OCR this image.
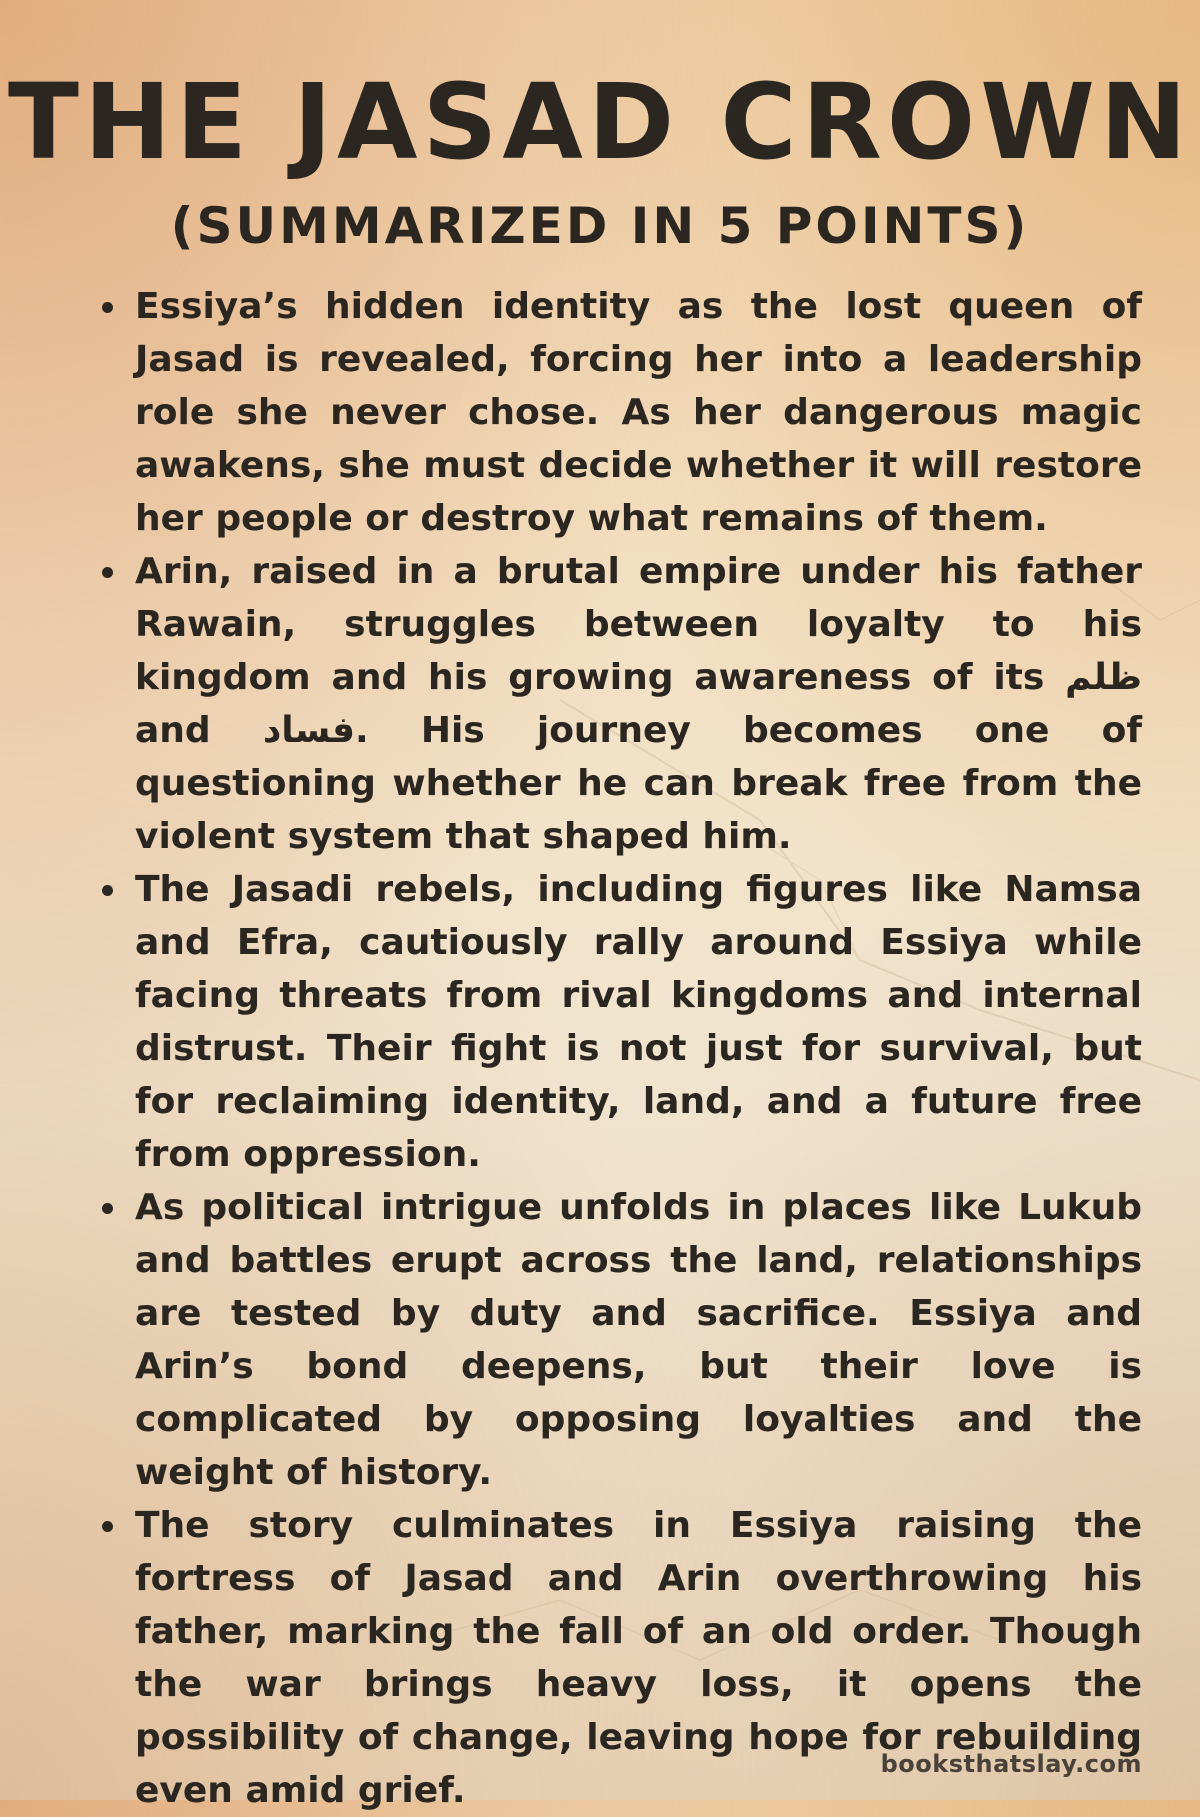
THE JASAD CROWN
(SUMMARIZED IN 5 POINTS)
Essiya’s hidden identity as the lost queen of Jasad is revealed, forcing her into a leadership role she never chose. As her dangerous magic awakens, she must decide whether it will restore her people or destroy what remains of them.
Arin, raised in a brutal empire under his father Rawain, struggles between loyalty to his kingdom and his growing awareness of its ظلم and فساد. His journey becomes one of questioning whether he can break free from the violent system that shaped him.
The Jasadi rebels, including figures like Namsa and Efra, cautiously rally around Essiya while facing threats from rival kingdoms and internal distrust. Their fight is not just for survival, but for reclaiming identity, land, and a future free from oppression.
As political intrigue unfolds in places like Lukub and battles erupt across the land, relationships are tested by duty and sacrifice. Essiya and Arin’s bond deepens, but their love is complicated by opposing loyalties and the weight of history.
The story culminates in Essiya raising the fortress of Jasad and Arin overthrowing his father, marking the fall of an old order. Though the war brings heavy loss, it opens the possibility of change, leaving hope for rebuilding even amid grief.
booksthatslay.com
